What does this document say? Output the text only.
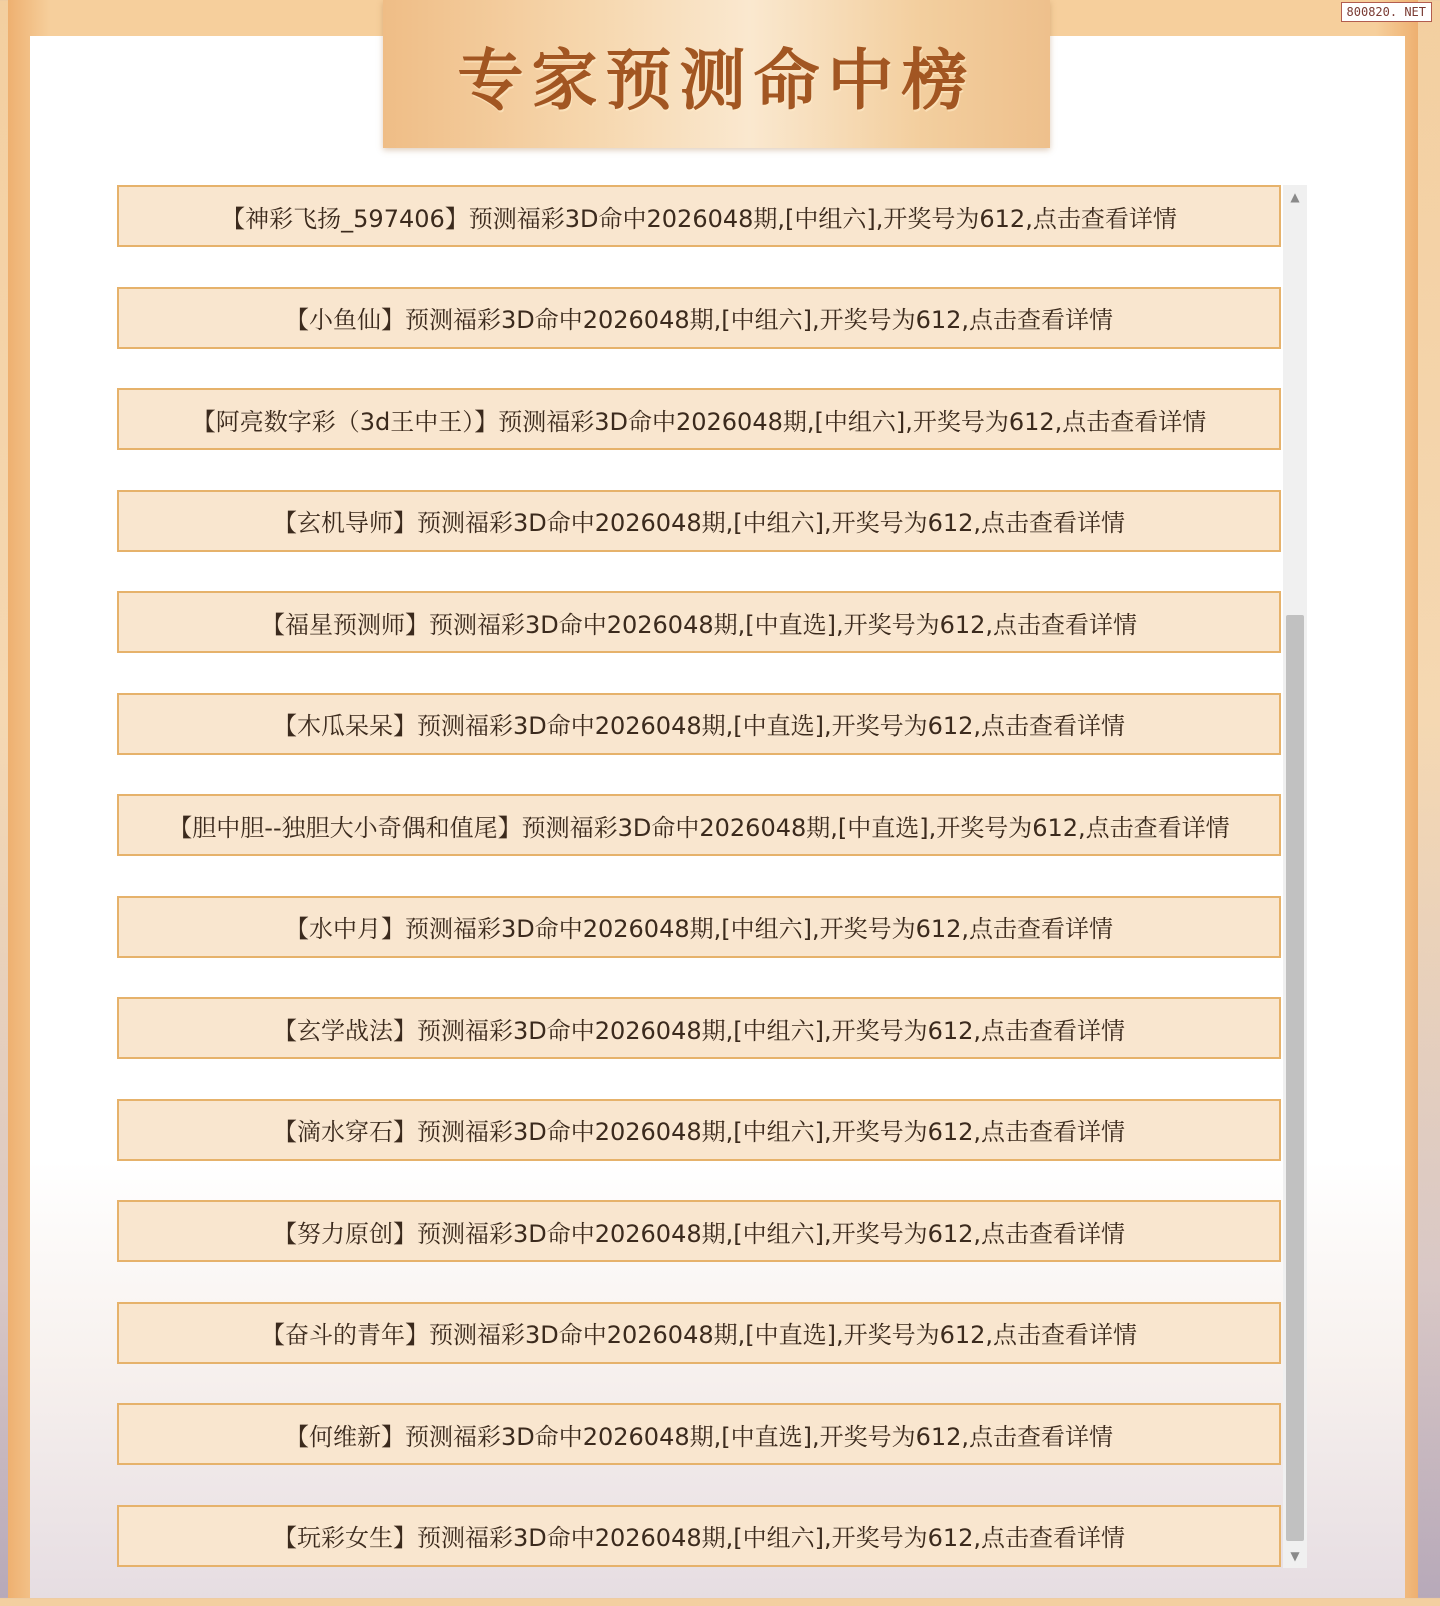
专家预测命中榜
800820. NET
【神彩飞扬_597406】预测福彩3D命中2026048期,[中组六],开奖号为612,点击查看详情
【小鱼仙】预测福彩3D命中2026048期,[中组六],开奖号为612,点击查看详情
【阿亮数字彩（3d王中王）】预测福彩3D命中2026048期,[中组六],开奖号为612,点击查看详情
【玄机导师】预测福彩3D命中2026048期,[中组六],开奖号为612,点击查看详情
【福星预测师】预测福彩3D命中2026048期,[中直选],开奖号为612,点击查看详情
【木瓜呆呆】预测福彩3D命中2026048期,[中直选],开奖号为612,点击查看详情
【胆中胆--独胆大小奇偶和值尾】预测福彩3D命中2026048期,[中直选],开奖号为612,点击查看详情
【水中月】预测福彩3D命中2026048期,[中组六],开奖号为612,点击查看详情
【玄学战法】预测福彩3D命中2026048期,[中组六],开奖号为612,点击查看详情
【滴水穿石】预测福彩3D命中2026048期,[中组六],开奖号为612,点击查看详情
【努力原创】预测福彩3D命中2026048期,[中组六],开奖号为612,点击查看详情
【奋斗的青年】预测福彩3D命中2026048期,[中直选],开奖号为612,点击查看详情
【何维新】预测福彩3D命中2026048期,[中直选],开奖号为612,点击查看详情
【玩彩女生】预测福彩3D命中2026048期,[中组六],开奖号为612,点击查看详情
▲
▼
